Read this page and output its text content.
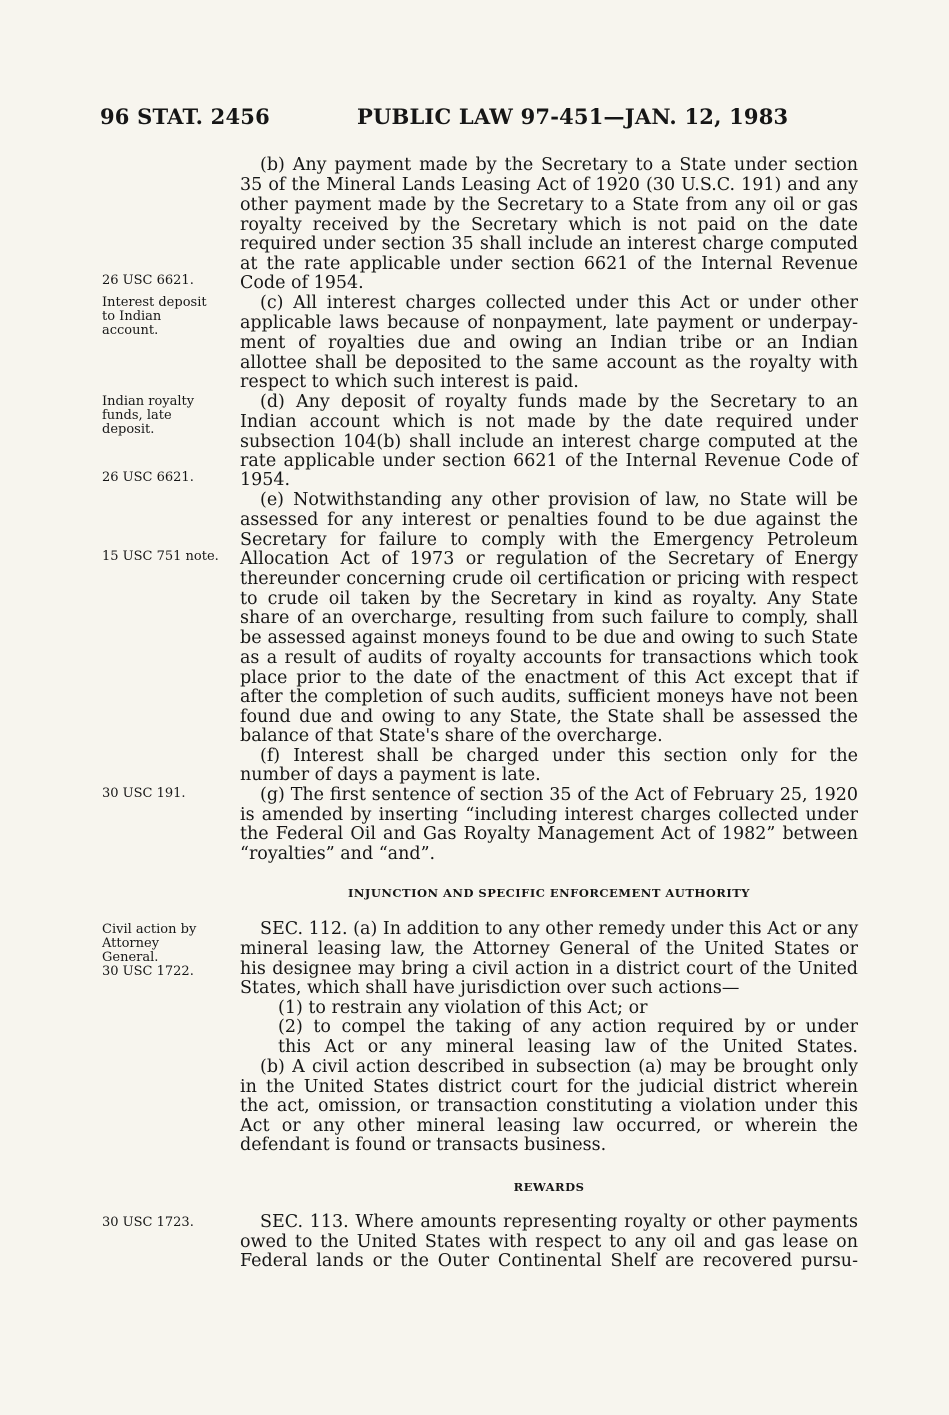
96 STAT. 2456	PUBLIC LAW 97-451—JAN. 12, 1983
26 USC 6621.
Interest deposit
to Indian
account.
Indian royalty
funds, late
deposit.
26 USC 6621.
15 USC 751 note.
30 USC 191.
Civil action by
Attorney
General.
30 USC 1722.
30 USC 1723.
(b) Any payment made by the Secretary to a State under section
35 of the Mineral Lands Leasing Act of 1920 (30 U.S.C. 191) and any
other payment made by the Secretary to a State from any oil or gas
royalty received by the Secretary which is not paid on the date
required under section 35 shall include an interest charge computed
at the rate applicable under section 6621 of the Internal Revenue
Code of 1954.
(c) All interest charges collected under this Act or under other
applicable laws because of nonpayment, late payment or underpay-
ment of royalties due and owing an Indian tribe or an Indian
allottee shall be deposited to the same account as the royalty with
respect to which such interest is paid.
(d) Any deposit of royalty funds made by the Secretary to an
Indian account which is not made by the date required under
subsection 104(b) shall include an interest charge computed at the
rate applicable under section 6621 of the Internal Revenue Code of
1954.
(e) Notwithstanding any other provision of law, no State will be
assessed for any interest or penalties found to be due against the
Secretary for failure to comply with the Emergency Petroleum
Allocation Act of 1973 or regulation of the Secretary of Energy
thereunder concerning crude oil certification or pricing with respect
to crude oil taken by the Secretary in kind as royalty. Any State
share of an overcharge, resulting from such failure to comply, shall
be assessed against moneys found to be due and owing to such State
as a result of audits of royalty accounts for transactions which took
place prior to the date of the enactment of this Act except that if
after the completion of such audits, sufficient moneys have not been
found due and owing to any State, the State shall be assessed the
balance of that State's share of the overcharge.
(f) Interest shall be charged under this section only for the
number of days a payment is late.
(g) The first sentence of section 35 of the Act of February 25, 1920
is amended by inserting “including interest charges collected under
the Federal Oil and Gas Royalty Management Act of 1982” between
“royalties” and “and”.
INJUNCTION AND SPECIFIC ENFORCEMENT AUTHORITY
SEC. 112. (a) In addition to any other remedy under this Act or any
mineral leasing law, the Attorney General of the United States or
his designee may bring a civil action in a district court of the United
States, which shall have jurisdiction over such actions—
(1) to restrain any violation of this Act; or
(2) to compel the taking of any action required by or under
this Act or any mineral leasing law of the United States.
(b) A civil action described in subsection (a) may be brought only
in the United States district court for the judicial district wherein
the act, omission, or transaction constituting a violation under this
Act or any other mineral leasing law occurred, or wherein the
defendant is found or transacts business.
REWARDS
SEC. 113. Where amounts representing royalty or other payments
owed to the United States with respect to any oil and gas lease on
Federal lands or the Outer Continental Shelf are recovered pursu-
